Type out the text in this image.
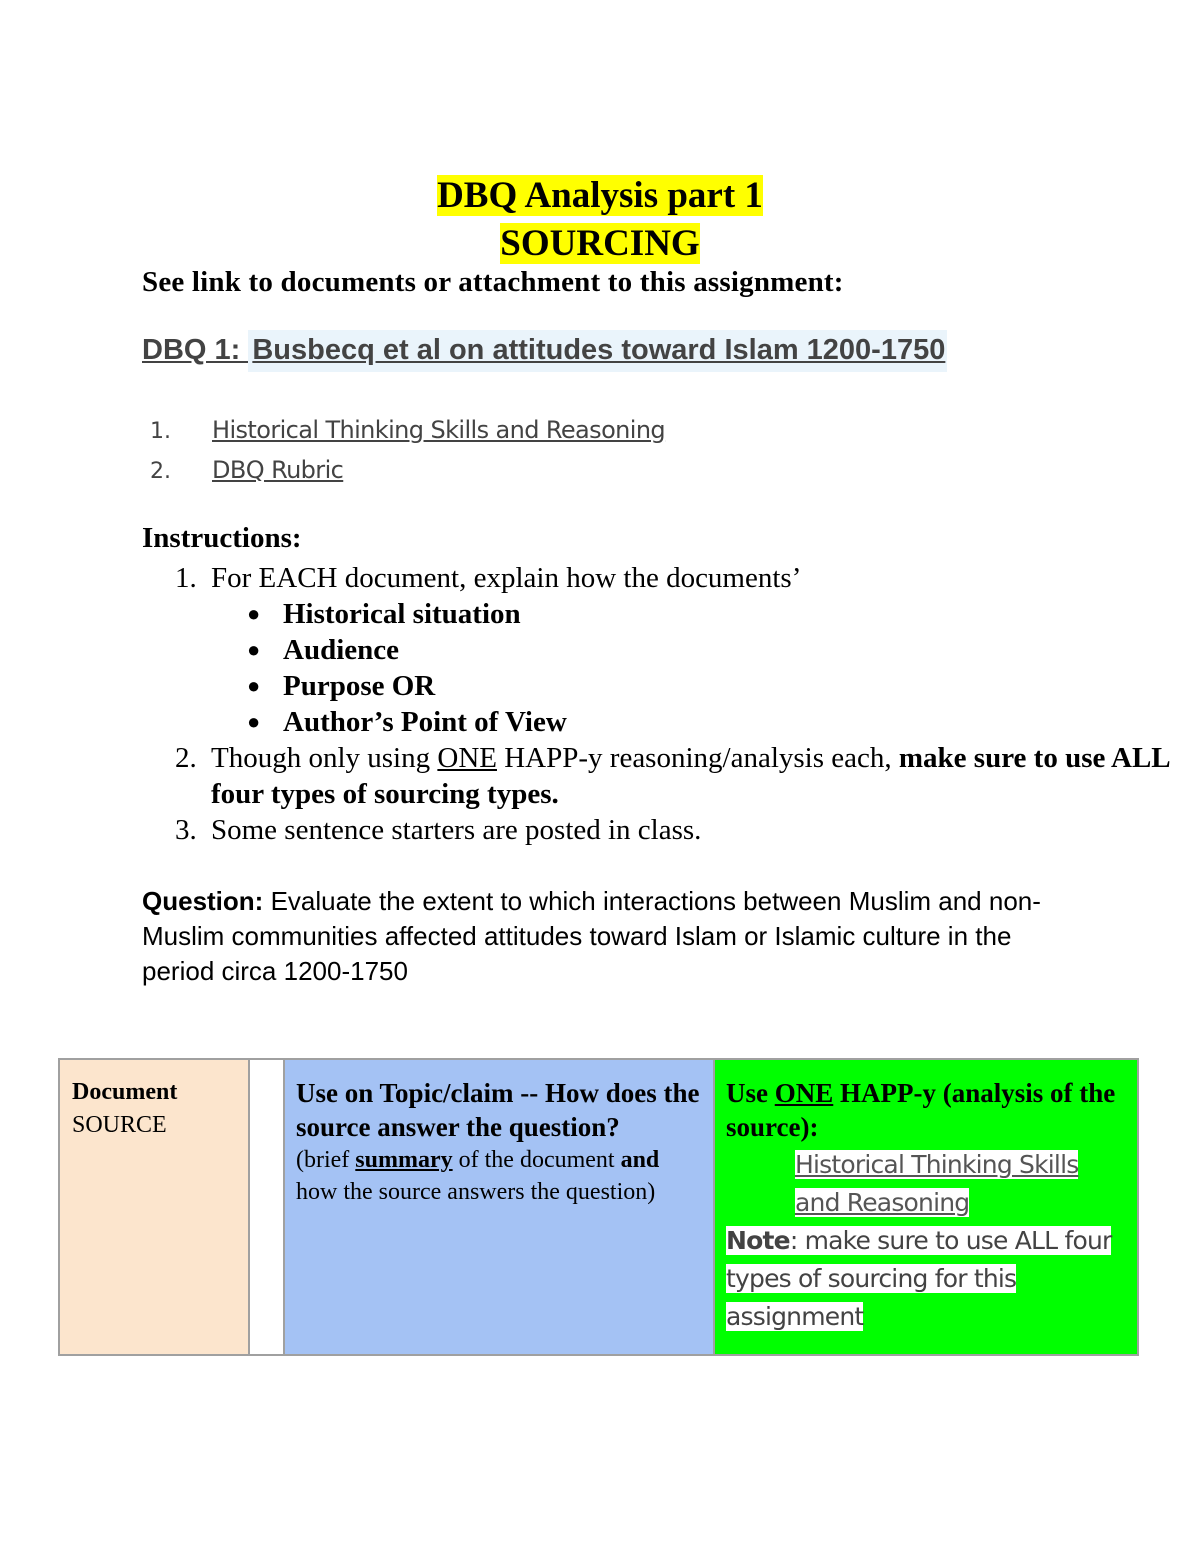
DBQ Analysis part 1
SOURCING
See link to documents or attachment to this assignment:
DBQ 1: Busbecq et al on attitudes toward Islam 1200-1750
1. Historical Thinking Skills and Reasoning
2. DBQ Rubric
Instructions:
1. For EACH document, explain how the documents’
● Historical situation
● Audience
● Purpose OR
● Author’s Point of View
2. Though only using ONE HAPP-y reasoning/analysis each, make sure to use ALL four types of sourcing types.
3. Some sentence starters are posted in class.
Question: Evaluate the extent to which interactions between Muslim and non-Muslim communities affected attitudes toward Islam or Islamic culture in the period circa 1200-1750
Document
SOURCE
Use on Topic/claim -- How does the source answer the question?
(brief summary of the document and how the source answers the question)
Use ONE HAPP-y (analysis of the source):
Historical Thinking Skills
and Reasoning
Note: make sure to use ALL four types of sourcing for this assignment
